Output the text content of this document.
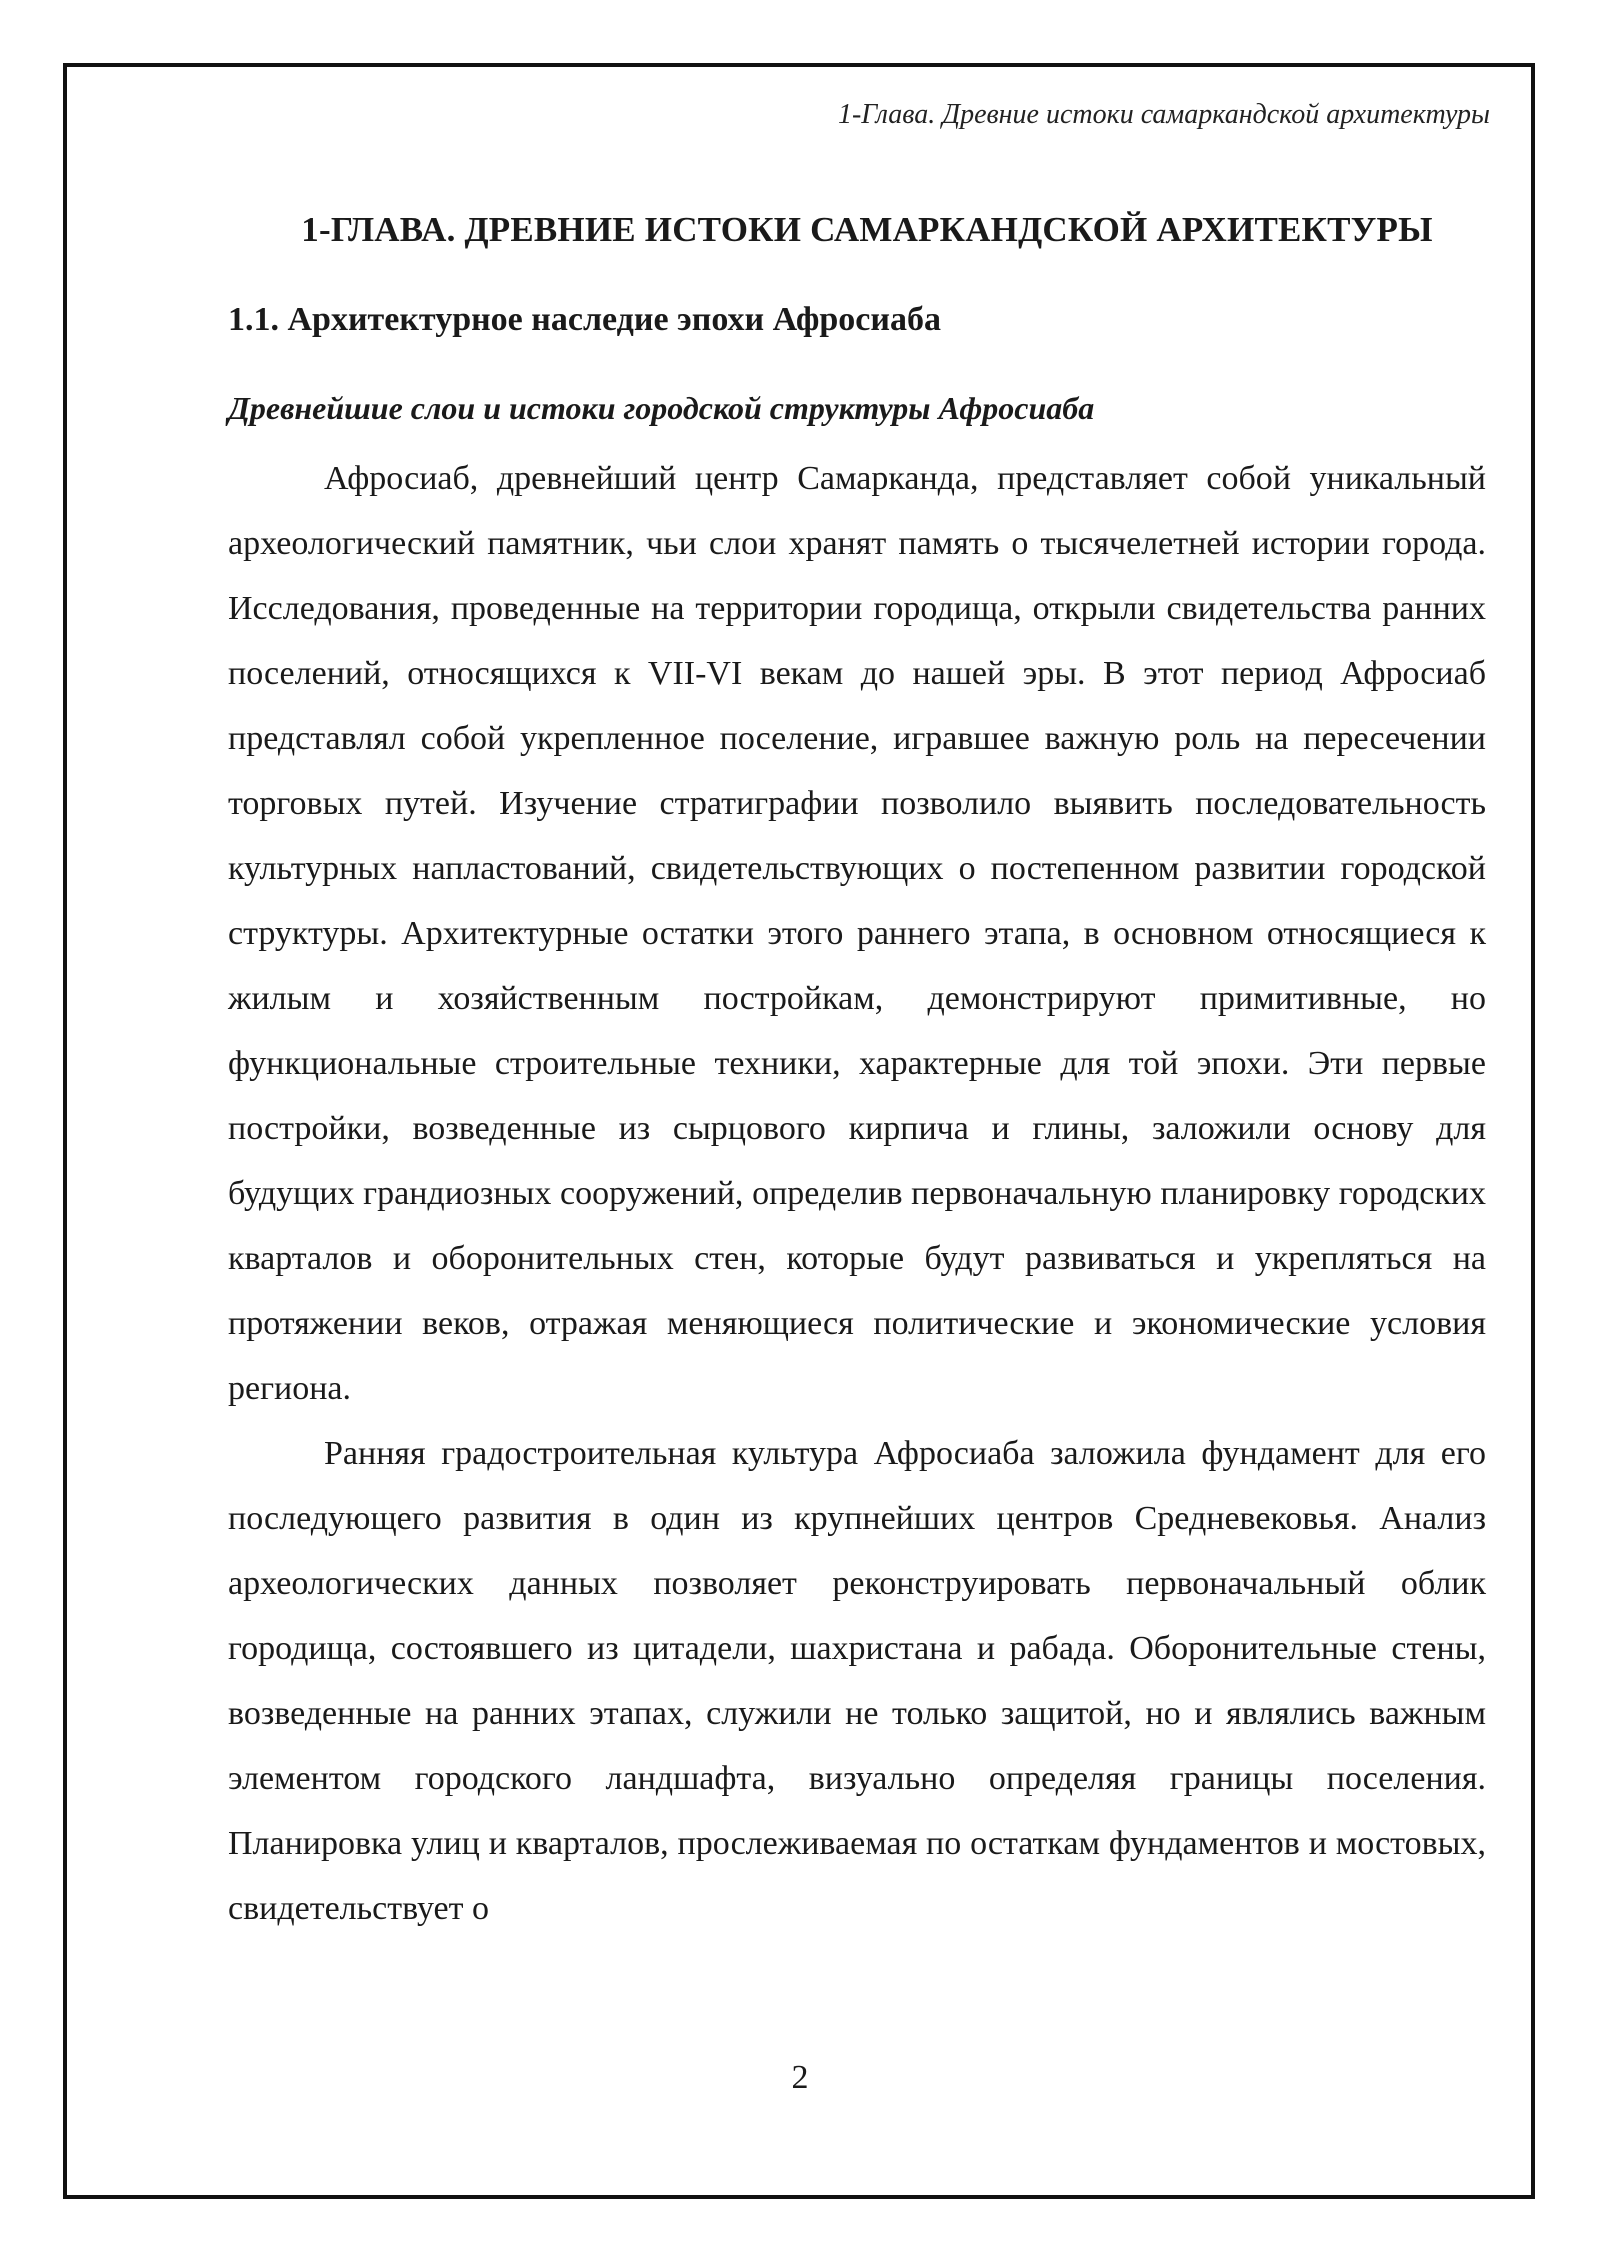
1-Глава. Древние истоки самаркандской архитектуры
1-ГЛАВА. ДРЕВНИЕ ИСТОКИ САМАРКАНДСКОЙ АРХИТЕКТУРЫ
1.1. Архитектурное наследие эпохи Афросиаба
Древнейшие слои и истоки городской структуры Афросиаба

Афросиаб, древнейший центр Самарканда, представляет собой уникальный археологический памятник, чьи слои хранят память о тысячелетней истории города. Исследования, проведенные на территории городища, открыли свидетельства ранних поселений, относящихся к VII-VI векам до нашей эры. В этот период Афросиаб представлял собой укрепленное поселение, игравшее важную роль на пересечении торговых путей. Изучение стратиграфии позволило выявить последовательность культурных напластований, свидетельствующих о постепенном развитии городской структуры. Архитектурные остатки этого раннего этапа, в основном относящиеся к жилым и хозяйственным постройкам, демонстрируют примитивные, но функциональные строительные техники, характерные для той эпохи. Эти первые постройки, возведенные из сырцового кирпича и глины, заложили основу для будущих грандиозных сооружений, определив первоначальную планировку городских кварталов и оборонительных стен, которые будут развиваться и укрепляться на протяжении веков, отражая меняющиеся политические и экономические условия региона.

Ранняя градостроительная культура Афросиаба заложила фундамент для его последующего развития в один из крупнейших центров Средневековья. Анализ археологических данных позволяет реконструировать первоначальный облик городища, состоявшего из цитадели, шахристана и рабада. Оборонительные стены, возведенные на ранних этапах, служили не только защитой, но и являлись важным элементом городского ландшафта, визуально определяя границы поселения. Планировка улиц и кварталов, прослеживаемая по остаткам фундаментов и мостовых, свидетельствует о

2
